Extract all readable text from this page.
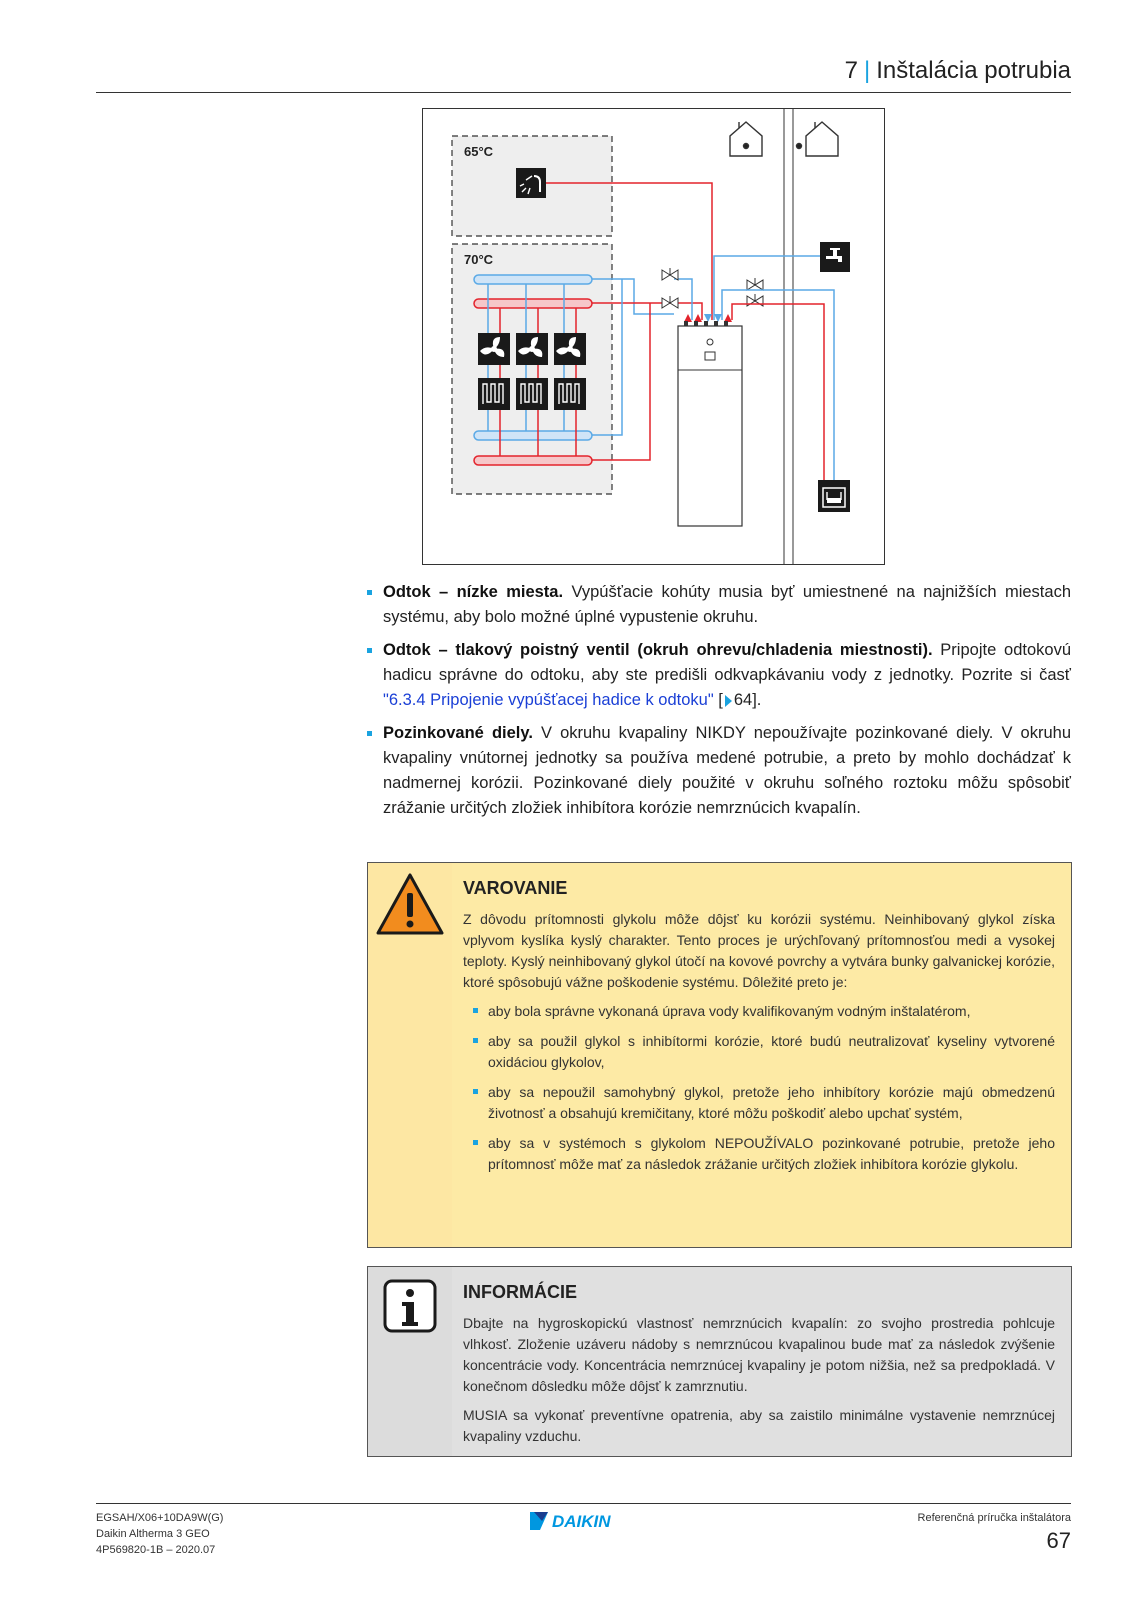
7 | Inštalácia potrubia
65°C
70°C
Odtok – nízke miesta. Vypúšťacie kohúty musia byť umiestnené na najnižších miestach systému, aby bolo možné úplné vypustenie okruhu.
Odtok – tlakový poistný ventil (okruh ohrevu/chladenia miestnosti). Pripojte odtokovú hadicu správne do odtoku, aby ste predišli odkvapkávaniu vody z jednotky. Pozrite si časť "6.3.4 Pripojenie vypúšťacej hadice k odtoku" [ 64].
Pozinkované diely. V okruhu kvapaliny NIKDY nepoužívajte pozinkované diely. V okruhu kvapaliny vnútornej jednotky sa používa medené potrubie, a preto by mohlo dochádzať k nadmernej korózii. Pozinkované diely použité v okruhu soľného roztoku môžu spôsobiť zrážanie určitých zložiek inhibítora korózie nemrznúcich kvapalín.
VAROVANIE

Z dôvodu prítomnosti glykolu môže dôjsť ku korózii systému. Neinhibovaný glykol získa vplyvom kyslíka kyslý charakter. Tento proces je urýchľovaný prítomnosťou medi a vysokej teploty. Kyslý neinhibovaný glykol útočí na kovové povrchy a vytvára bunky galvanickej korózie, ktoré spôsobujú vážne poškodenie systému. Dôležité preto je:

aby bola správne vykonaná úprava vody kvalifikovaným vodným inštalatérom,
aby sa použil glykol s inhibítormi korózie, ktoré budú neutralizovať kyseliny vytvorené oxidáciou glykolov,
aby sa nepoužil samohybný glykol, pretože jeho inhibítory korózie majú obmedzenú životnosť a obsahujú kremičitany, ktoré môžu poškodiť alebo upchať systém,
aby sa v systémoch s glykolom NEPOUŽÍVALO pozinkované potrubie, pretože jeho prítomnosť môže mať za následok zrážanie určitých zložiek inhibítora korózie glykolu.
INFORMÁCIE

Dbajte na hygroskopickú vlastnosť nemrznúcich kvapalín: zo svojho prostredia pohlcuje vlhkosť. Zloženie uzáveru nádoby s nemrznúcou kvapalinou bude mať za následok zvýšenie koncentrácie vody. Koncentrácia nemrznúcej kvapaliny je potom nižšia, než sa predpokladá. V konečnom dôsledku môže dôjsť k zamrznutiu.

MUSIA sa vykonať preventívne opatrenia, aby sa zaistilo minimálne vystavenie nemrznúcej kvapaliny vzduchu.

EGSAH/X06+10DA9W(G)
Daikin Altherma 3 GEO
4P569820-1B – 2020.07
DAIKIN	Referenčná príručka inštalátora
67
